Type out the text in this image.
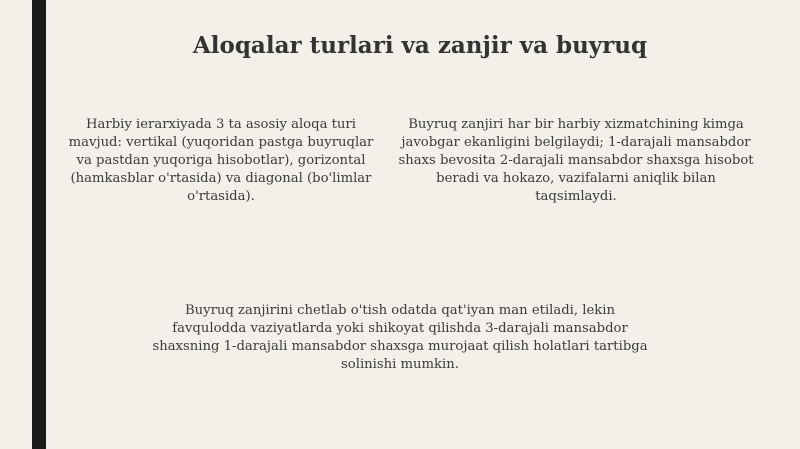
Aloqalar turlari va zanjir va buyruq

Harbiy ierarxiyada 3 ta asosiy aloqa turi mavjud: vertikal (yuqoridan pastga buyruqlar va pastdan yuqoriga hisobotlar), gorizontal (hamkasblar o'rtasida) va diagonal (bo'limlar o'rtasida).

Buyruq zanjiri har bir harbiy xizmatchining kimga javobgar ekanligini belgilaydi; 1-darajali mansabdor shaxs bevosita 2-darajali mansabdor shaxsga hisobot beradi va hokazo, vazifalarni aniqlik bilan taqsimlaydi.

Buyruq zanjirini chetlab o'tish odatda qat'iyan man etiladi, lekin favqulodda vaziyatlarda yoki shikoyat qilishda 3-darajali mansabdor shaxsning 1-darajali mansabdor shaxsga murojaat qilish holatlari tartibga solinishi mumkin.
